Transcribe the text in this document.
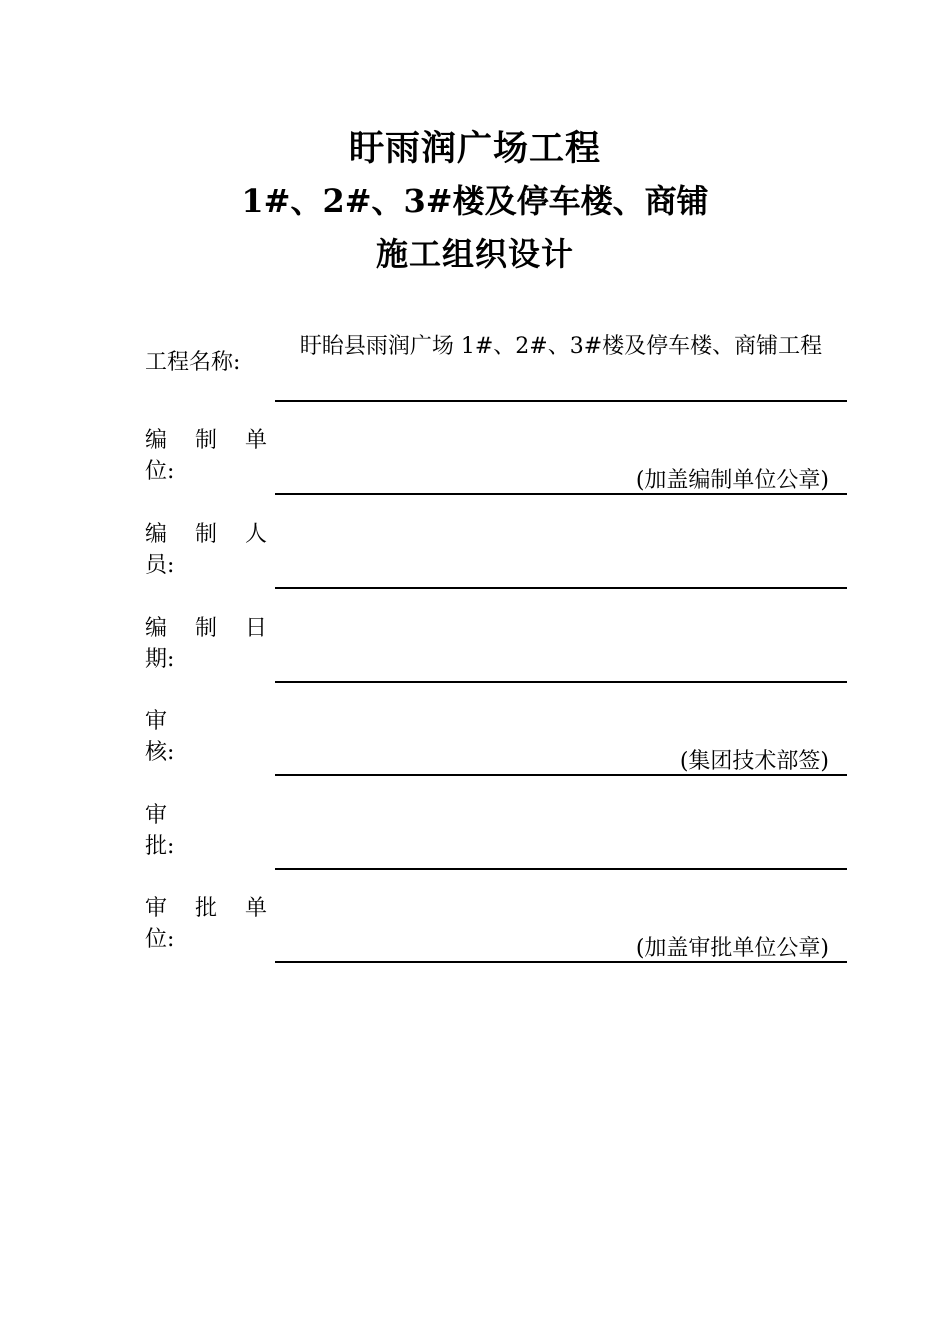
盱雨润广场工程
1#、2#、3#楼及停车楼、商铺
施工组织设计
工程名称:
盱眙县雨润广场 1#、2#、3#楼及停车楼、商铺工程
编 制 单
位:	(加盖编制单位公章)
编 制 人
员:
编 制 日
期:
审
核:	(集团技术部签)
审
批:
审 批 单
位:	(加盖审批单位公章)
